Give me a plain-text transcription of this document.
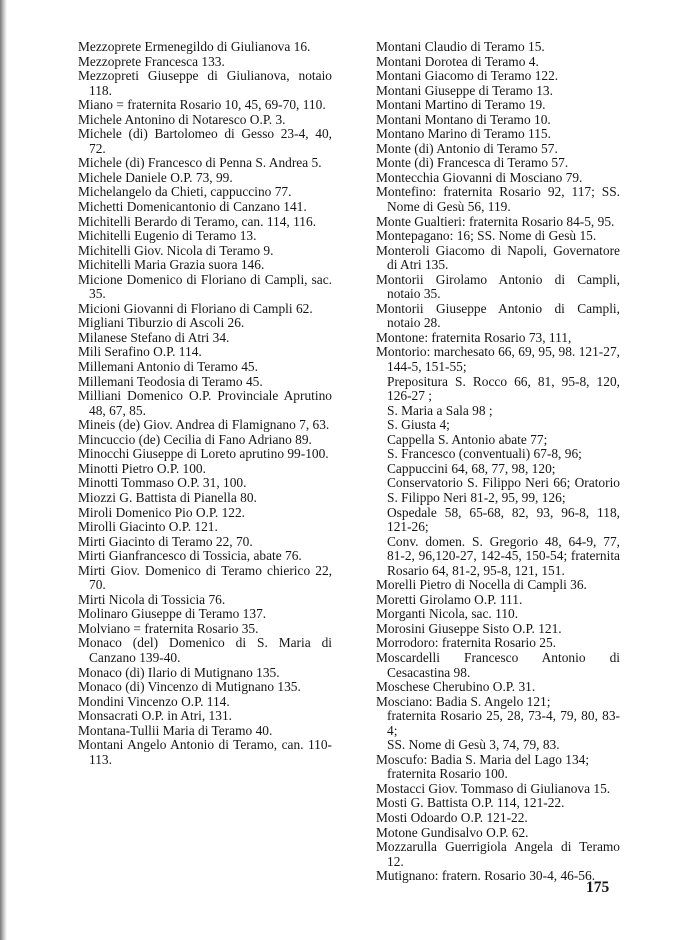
Mezzoprete Ermenegildo di Giulianova 16.
Mezzoprete Francesca 133.
Mezzopreti Giuseppe di Giulianova, notaio 118.
Miano = fraternita Rosario 10, 45, 69-70, 110.
Michele Antonino di Notaresco O.P. 3.
Michele (di) Bartolomeo di Gesso 23-4, 40, 72.
Michele (di) Francesco di Penna S. Andrea 5.
Michele Daniele O.P. 73, 99.
Michelangelo da Chieti, cappuccino 77.
Michetti Domenicantonio di Canzano 141.
Michitelli Berardo di Teramo, can. 114, 116.
Michitelli Eugenio di Teramo 13.
Michitelli Giov. Nicola di Teramo 9.
Michitelli Maria Grazia suora 146.
Micione Domenico di Floriano di Campli, sac. 35.
Micioni Giovanni di Floriano di Campli 62.
Migliani Tiburzio di Ascoli 26.
Milanese Stefano di Atri 34.
Mili Serafino O.P. 114.
Millemani Antonio di Teramo 45.
Millemani Teodosia di Teramo 45.
Milliani Domenico O.P. Provinciale Aprutino 48, 67, 85.
Mineis (de) Giov. Andrea di Flamignano 7, 63.
Mincuccio (de) Cecilia di Fano Adriano 89.
Minocchi Giuseppe di Loreto aprutino 99-100.
Minotti Pietro O.P. 100.
Minotti Tommaso O.P. 31, 100.
Miozzi G. Battista di Pianella 80.
Miroli Domenico Pio O.P. 122.
Mirolli Giacinto O.P. 121.
Mirti Giacinto di Teramo 22, 70.
Mirti Gianfrancesco di Tossicia, abate 76.
Mirti Giov. Domenico di Teramo chierico 22, 70.
Mirti Nicola di Tossicia 76.
Molinaro Giuseppe di Teramo 137.
Molviano = fraternita Rosario 35.
Monaco (del) Domenico di S. Maria di Canzano 139-40.
Monaco (di) Ilario di Mutignano 135.
Monaco (di) Vincenzo di Mutignano 135.
Mondini Vincenzo O.P. 114.
Monsacrati O.P. in Atri, 131.
Montana-Tullii Maria di Teramo 40.
Montani Angelo Antonio di Teramo, can. 110-113.
Montani Claudio di Teramo 15.
Montani Dorotea di Teramo 4.
Montani Giacomo di Teramo 122.
Montani Giuseppe di Teramo 13.
Montani Martino di Teramo 19.
Montani Montano di Teramo 10.
Montano Marino di Teramo 115.
Monte (di) Antonio di Teramo 57.
Monte (di) Francesca di Teramo 57.
Montecchia Giovanni di Mosciano 79.
Montefino: fraternita Rosario 92, 117; SS. Nome di Gesù 56, 119.
Monte Gualtieri: fraternita Rosario 84-5, 95.
Montepagano: 16; SS. Nome di Gesù 15.
Monteroli Giacomo di Napoli, Governatore di Atri 135.
Montorii Girolamo Antonio di Campli, notaio 35.
Montorii Giuseppe Antonio di Campli, notaio 28.
Montone: fraternita Rosario 73, 111,
Montorio: marchesato 66, 69, 95, 98. 121-27, 144-5, 151-55;
Prepositura S. Rocco 66, 81, 95-8, 120, 126-27 ;
S. Maria a Sala 98 ;
S. Giusta 4;
Cappella S. Antonio abate 77;
S. Francesco (conventuali) 67-8, 96;
Cappuccini 64, 68, 77, 98, 120;
Conservatorio S. Filippo Neri 66; Oratorio S. Filippo Neri 81-2, 95, 99, 126;
Ospedale 58, 65-68, 82, 93, 96-8, 118, 121-26;
Conv. domen. S. Gregorio 48, 64-9, 77, 81-2, 96,120-27, 142-45, 150-54; fraternita Rosario 64, 81-2, 95-8, 121, 151.
Morelli Pietro di Nocella di Campli 36.
Moretti Girolamo O.P. 111.
Morganti Nicola, sac. 110.
Morosini Giuseppe Sisto O.P. 121.
Morrodoro: fraternita Rosario 25.
Moscardelli Francesco Antonio di Cesacastina 98.
Moschese Cherubino O.P. 31.
Mosciano: Badia S. Angelo 121;
fraternita Rosario 25, 28, 73-4, 79, 80, 83-4;
SS. Nome di Gesù 3, 74, 79, 83.
Moscufo: Badia S. Maria del Lago 134;
fraternita Rosario 100.
Mostacci Giov. Tommaso di Giulianova 15.
Mosti G. Battista O.P. 114, 121-22.
Mosti Odoardo O.P. 121-22.
Motone Gundisalvo O.P. 62.
Mozzarulla Guerrigiola Angela di Teramo 12.
Mutignano: fratern. Rosario 30-4, 46-56.
175
